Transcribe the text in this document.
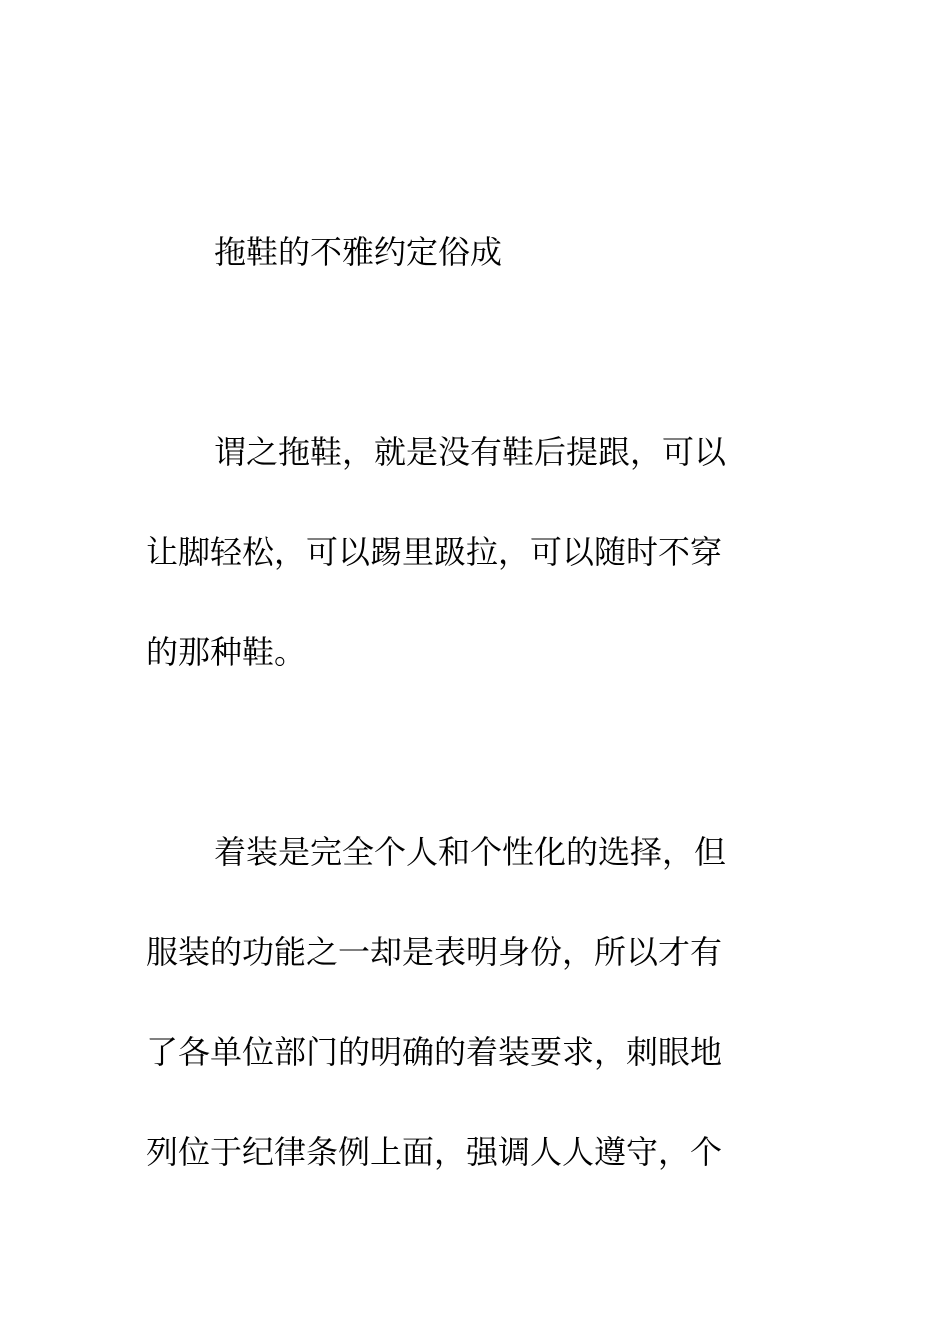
拖鞋的不雅约定俗成
谓之拖鞋，就是没有鞋后提跟，可以
让脚轻松，可以踢里趿拉，可以随时不穿
的那种鞋。
着装是完全个人和个性化的选择，但
服装的功能之一却是表明身份，所以才有
了各单位部门的明确的着装要求，刺眼地
列位于纪律条例上面，强调人人遵守，个
